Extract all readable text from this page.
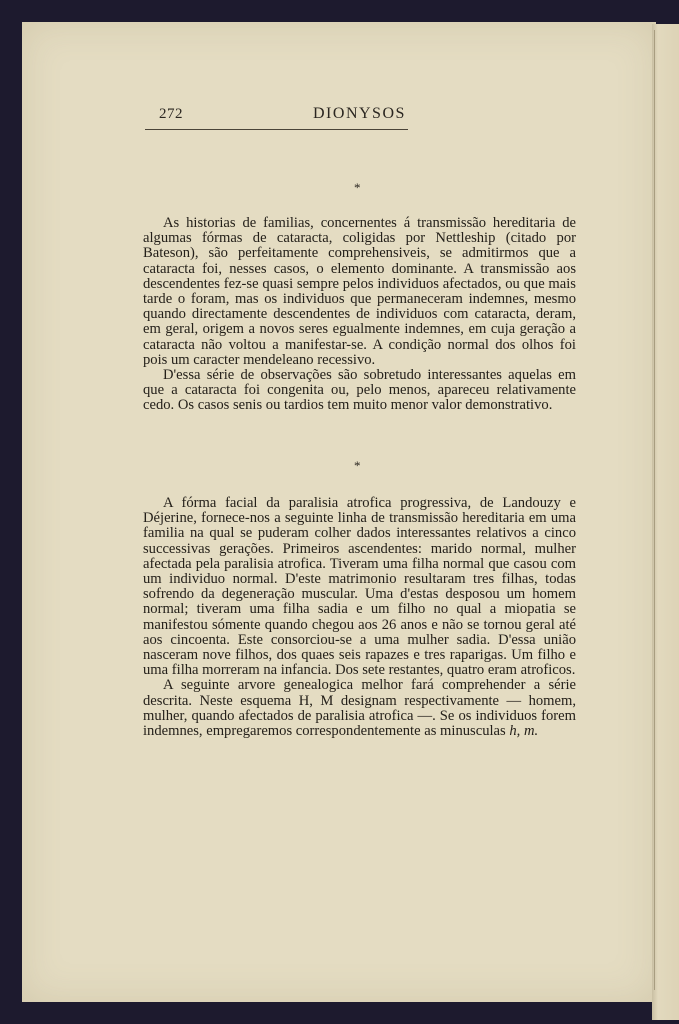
272	DIONYSOS
*

As historias de familias, concernentes á transmissão hereditaria de algumas fórmas de cataracta, coligidas por Nettleship (citado por Bateson), são perfeitamente comprehensiveis, se admitirmos que a cataracta foi, nesses casos, o elemento dominante. A transmissão aos descendentes fez-se quasi sempre pelos individuos afectados, ou que mais tarde o foram, mas os individuos que permaneceram indemnes, mesmo quando directamente descendentes de individuos com cataracta, deram, em geral, origem a novos seres egualmente indemnes, em cuja geração a cataracta não voltou a manifestar-se. A condição normal dos olhos foi pois um caracter mendeleano recessivo.

D'essa série de observações são sobretudo interessantes aquelas em que a cataracta foi congenita ou, pelo menos, apareceu relativamente cedo. Os casos senis ou tardios tem muito menor valor demonstrativo.

*

A fórma facial da paralisia atrofica progressiva, de Landouzy e Déjerine, fornece-nos a seguinte linha de transmissão hereditaria em uma familia na qual se puderam colher dados interessantes relativos a cinco successivas gerações. Primeiros ascendentes: marido normal, mulher afectada pela paralisia atrofica. Tiveram uma filha normal que casou com um individuo normal. D'este matrimonio resultaram tres filhas, todas sofrendo da degeneração muscular. Uma d'estas desposou um homem normal; tiveram uma filha sadia e um filho no qual a miopatia se manifestou sómente quando chegou aos 26 anos e não se tornou geral até aos cincoenta. Este consorciou-se a uma mulher sadia. D'essa união nasceram nove filhos, dos quaes seis rapazes e tres raparigas. Um filho e uma filha morreram na infancia. Dos sete restantes, quatro eram atroficos.

A seguinte arvore genealogica melhor fará comprehender a série descrita. Neste esquema H, M designam respectivamente — homem, mulher, quando afectados de paralisia atrofica —. Se os individuos forem indemnes, empregaremos correspondentemente as minusculas h, m.
